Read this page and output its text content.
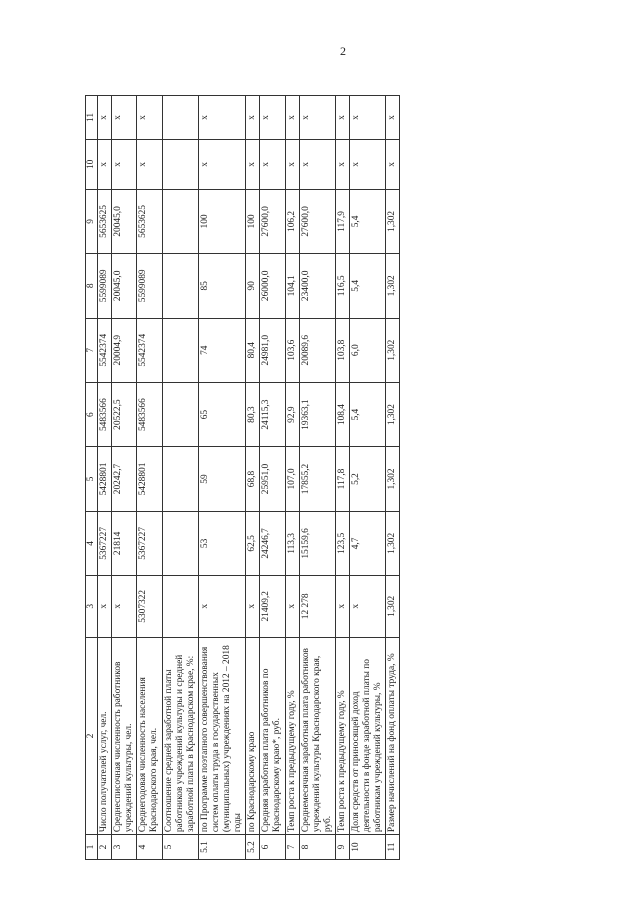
2
1	2	3	4	5	6	7	8	9	10	11
2	Число получателей услуг, чел.	х	5367227	5428801	5483566	5542374	5599089	5653625	х	х
3	Среднесписочная численность работников учреждений культуры, чел.	х	21814	20242,7	20522,5	20004,9	20045,0	20045,0	х	х
4	Среднегодовая численность населения Краснодарского края, чел.	5307322	5367227	5428801	5483566	5542374	5599089	5653625	х	х
5	Соотношение средней заработной платы работников учреждений культуры и средней заработной платы в Краснодарском крае, %:									
5.1	по Программе поэтапного совершенствования систем оплаты труда в государственных (муниципальных) учреждениях на 2012 – 2018 годы	х	53	59	65	74	85	100	х	х
5.2	по Краснодарскому краю	х	62,5	68,8	80,3	80,4	90	100	х	х
6	Средняя заработная плата работников по Краснодарскому краю*, руб.	21409,2	24246,7	25951,0	24115,3	24981,0	26000,0	27600,0	х	х
7	Темп роста к предыдущему году, %	х	113,3	107,0	92,9	103,6	104,1	106,2	х	х
8	Среднемесячная заработная плата работников учреждений культуры Краснодарского края, руб.	12 278	15159,6	17855,2	19363,1	20089,6	23400,0	27600,0	х	х
9	Темп роста к предыдущему году, %	х	123,5	117,8	108,4	103,8	116,5	117,9	х	х
10	Доля средств от приносящей доход деятельности в фонде заработной платы по работникам учреждений культуры, %	х	4,7	5,2	5,4	6,0	5,4	5,4	х	х
11	Размер начислений на фонд оплаты труда, %	1,302	1,302	1,302	1,302	1,302	1,302	1,302	х	х
